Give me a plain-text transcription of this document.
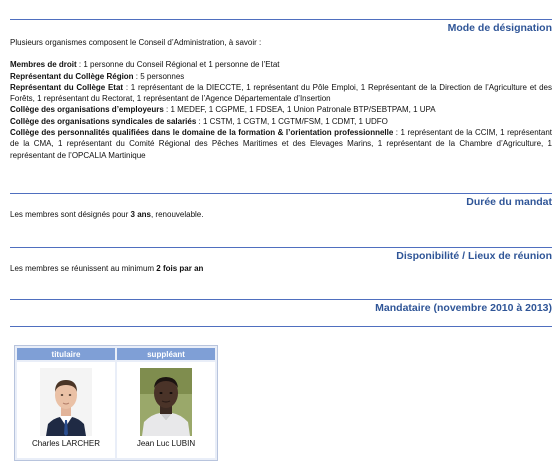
Mode de désignation

Plusieurs organismes composent le Conseil d’Administration, à savoir :

Membres de droit : 1 personne du Conseil Régional et 1 personne de l’Etat

Représentant du Collège Région : 5 personnes

Représentant du Collège Etat : 1 représentant de la DIECCTE, 1 représentant du Pôle Emploi, 1 Représentant de la Direction de l’Agriculture et des Forêts, 1 représentant du Rectorat, 1 représentant de l’Agence Départementale d’Insertion

Collège des organisations d’employeurs : 1 MEDEF, 1 CGPME, 1 FDSEA, 1 Union Patronale BTP/SEBTPAM, 1 UPA

Collège des organisations syndicales de salariés : 1 CSTM, 1 CGTM, 1 CGTM/FSM, 1 CDMT, 1 UDFO

Collège des personnalités qualifiées dans le domaine de la formation & l’orientation professionnelle : 1 représentant de la CCIM, 1 représentant de la CMA, 1 représentant du Comité Régional des Pêches Maritimes et des Elevages Marins, 1 représentant de la Chambre d’Agriculture, 1 représentant de l’OPCALIA Martinique

Durée du mandat
Les membres sont désignés pour 3 ans, renouvelable.
Disponibilité / Lieux de réunion
Les membres se réunissent au minimum 2 fois par an
Mandataire (novembre 2010 à 2013)
titulaire	suppléant

Charles LARCHER	Jean Luc LUBIN
